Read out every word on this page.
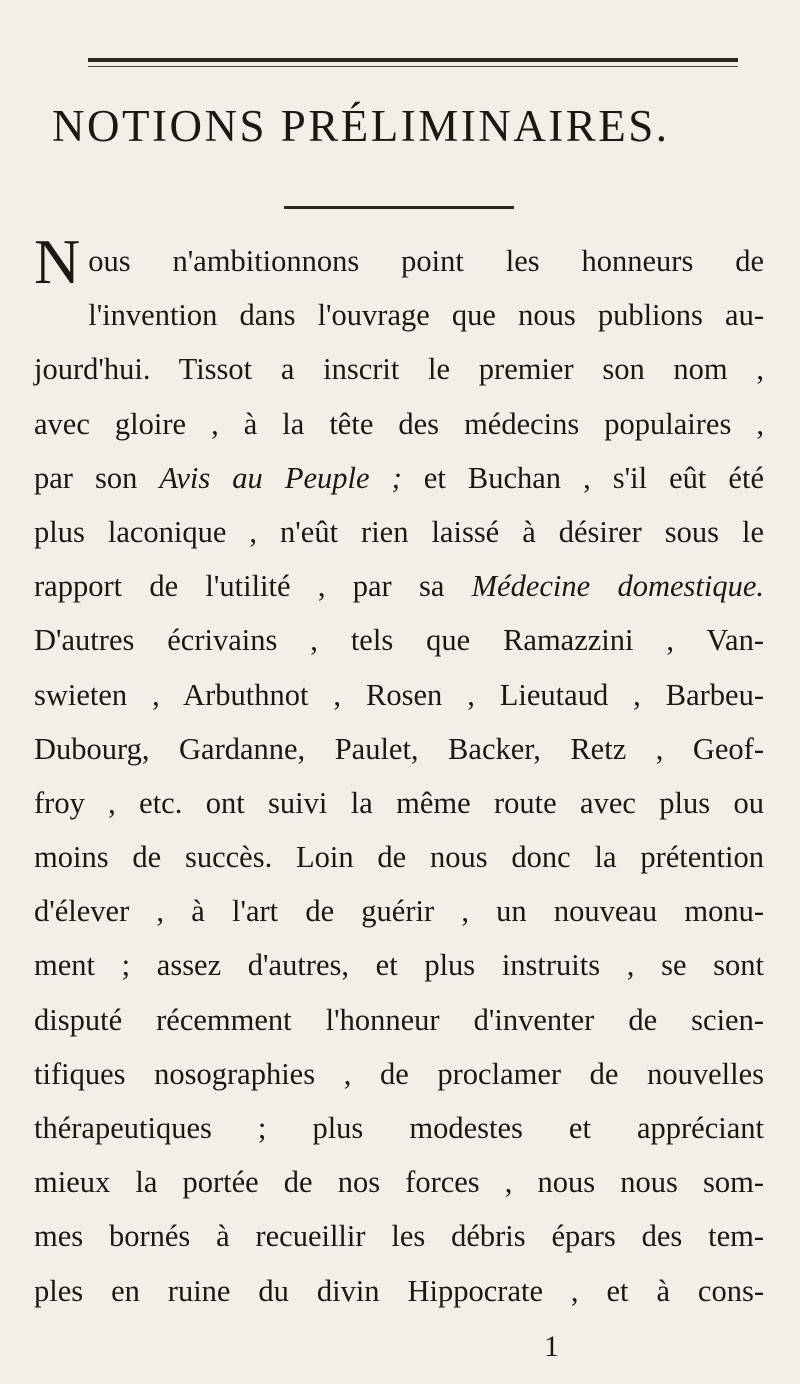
NOTIONS PRÉLIMINAIRES.
N ous n'ambitionnons point les honneurs de
l'invention dans l'ouvrage que nous publions au-
jourd'hui. Tissot a inscrit le premier son nom ,
avec gloire , à la tête des médecins populaires ,
par son Avis au Peuple ; et Buchan , s'il eût été
plus laconique , n'eût rien laissé à désirer sous le
rapport de l'utilité , par sa Médecine domestique.
D'autres écrivains , tels que Ramazzini , Van-
swieten , Arbuthnot , Rosen , Lieutaud , Barbeu-
Dubourg, Gardanne, Paulet, Backer, Retz , Geof-
froy , etc. ont suivi la même route avec plus ou
moins de succès. Loin de nous donc la prétention
d'élever , à l'art de guérir , un nouveau monu-
ment ; assez d'autres, et plus instruits , se sont
disputé récemment l'honneur d'inventer de scien-
tifiques nosographies , de proclamer de nouvelles
thérapeutiques ; plus modestes et appréciant
mieux la portée de nos forces , nous nous som-
mes bornés à recueillir les débris épars des tem-
ples en ruine du divin Hippocrate , et à cons-
1
